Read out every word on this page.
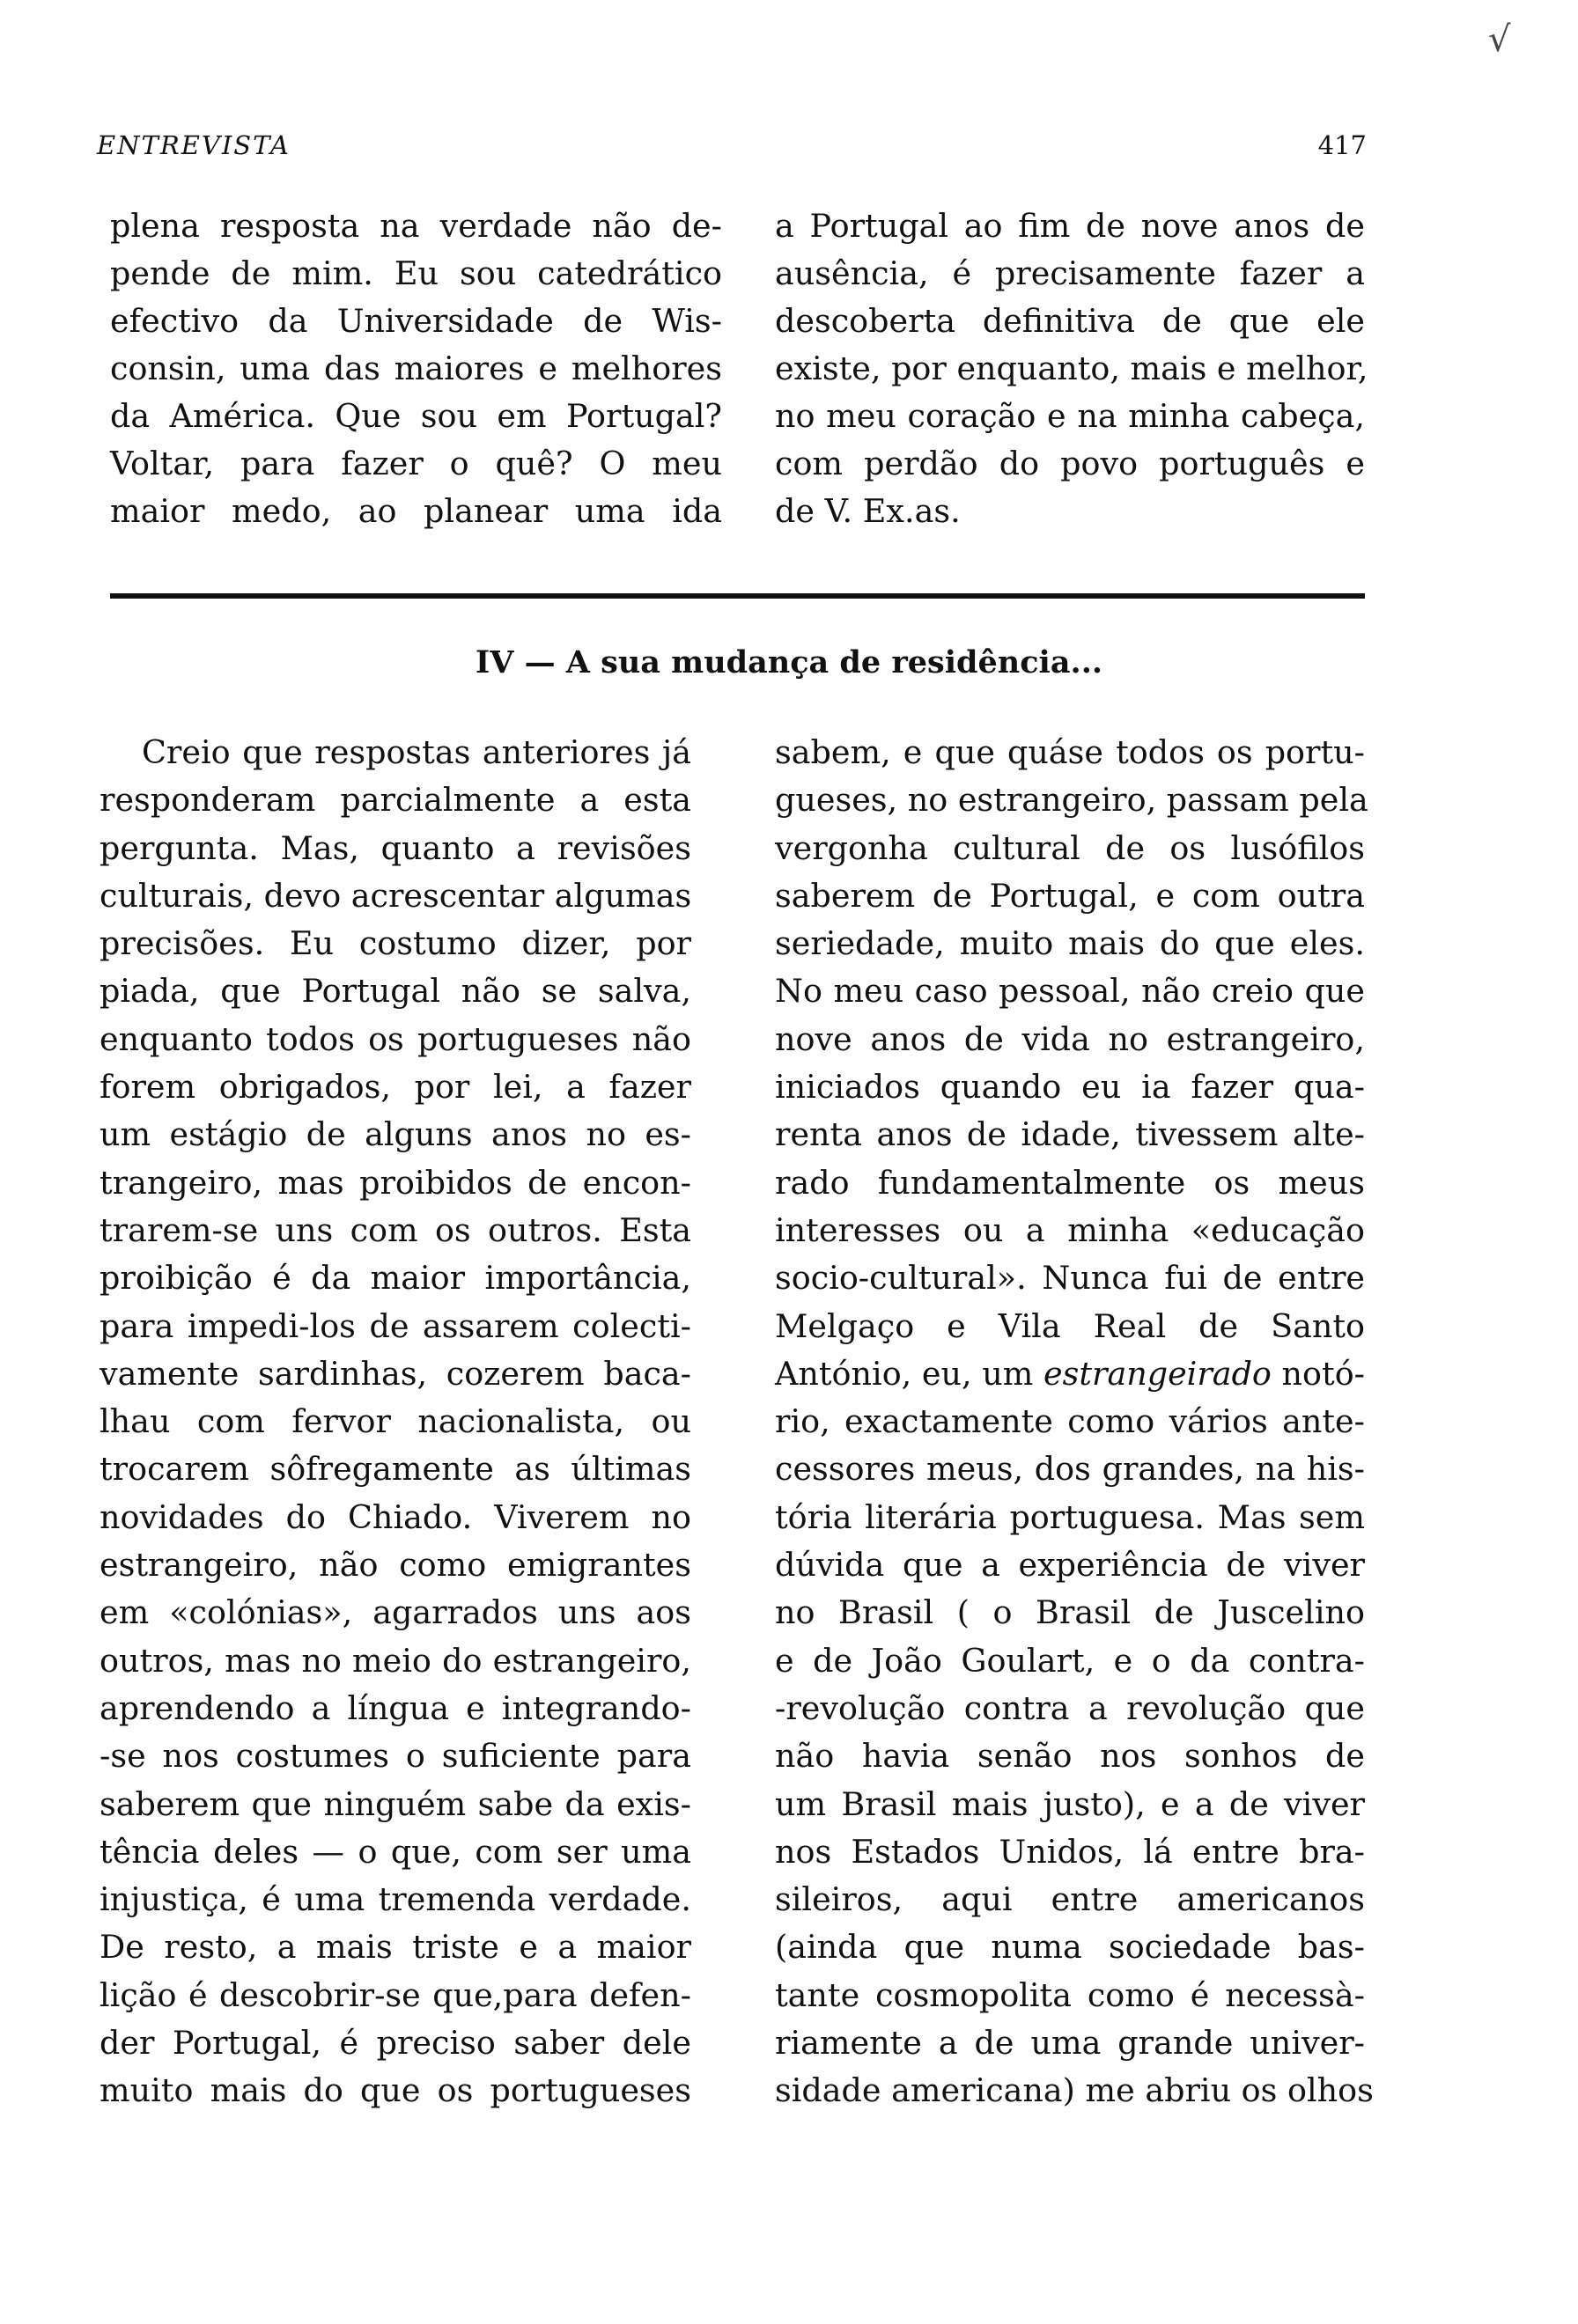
√
ENTREVISTA	417
plena resposta na verdade não de-
pende de mim. Eu sou catedrático
efectivo da Universidade de Wis-
consin, uma das maiores e melhores
da América. Que sou em Portugal?
Voltar, para fazer o quê? O meu
maior medo, ao planear uma ida
a Portugal ao fim de nove anos de
ausência, é precisamente fazer a
descoberta definitiva de que ele
existe, por enquanto, mais e melhor,
no meu coração e na minha cabeça,
com perdão do povo português e
de V. Ex.as.
IV — A sua mudança de residência...
Creio que respostas anteriores já
responderam parcialmente a esta
pergunta. Mas, quanto a revisões
culturais, devo acrescentar algumas
precisões. Eu costumo dizer, por
piada, que Portugal não se salva,
enquanto todos os portugueses não
forem obrigados, por lei, a fazer
um estágio de alguns anos no es-
trangeiro, mas proibidos de encon-
trarem-se uns com os outros. Esta
proibição é da maior importância,
para impedi-los de assarem colecti-
vamente sardinhas, cozerem baca-
lhau com fervor nacionalista, ou
trocarem sôfregamente as últimas
novidades do Chiado. Viverem no
estrangeiro, não como emigrantes
em «colónias», agarrados uns aos
outros, mas no meio do estrangeiro,
aprendendo a língua e integrando-
-se nos costumes o suficiente para
saberem que ninguém sabe da exis-
tência deles — o que, com ser uma
injustiça, é uma tremenda verdade.
De resto, a mais triste e a maior
lição é descobrir-se que,para defen-
der Portugal, é preciso saber dele
muito mais do que os portugueses
sabem, e que quáse todos os portu-
gueses, no estrangeiro, passam pela
vergonha cultural de os lusófilos
saberem de Portugal, e com outra
seriedade, muito mais do que eles.
No meu caso pessoal, não creio que
nove anos de vida no estrangeiro,
iniciados quando eu ia fazer qua-
renta anos de idade, tivessem alte-
rado fundamentalmente os meus
interesses ou a minha «educação
socio-cultural». Nunca fui de entre
Melgaço e Vila Real de Santo
António, eu, um estrangeirado notó-
rio, exactamente como vários ante-
cessores meus, dos grandes, na his-
tória literária portuguesa. Mas sem
dúvida que a experiência de viver
no Brasil ( o Brasil de Juscelino
e de João Goulart, e o da contra-
-revolução contra a revolução que
não havia senão nos sonhos de
um Brasil mais justo), e a de viver
nos Estados Unidos, lá entre bra-
sileiros, aqui entre americanos
(ainda que numa sociedade bas-
tante cosmopolita como é necessà-
riamente a de uma grande univer-
sidade americana) me abriu os olhos
